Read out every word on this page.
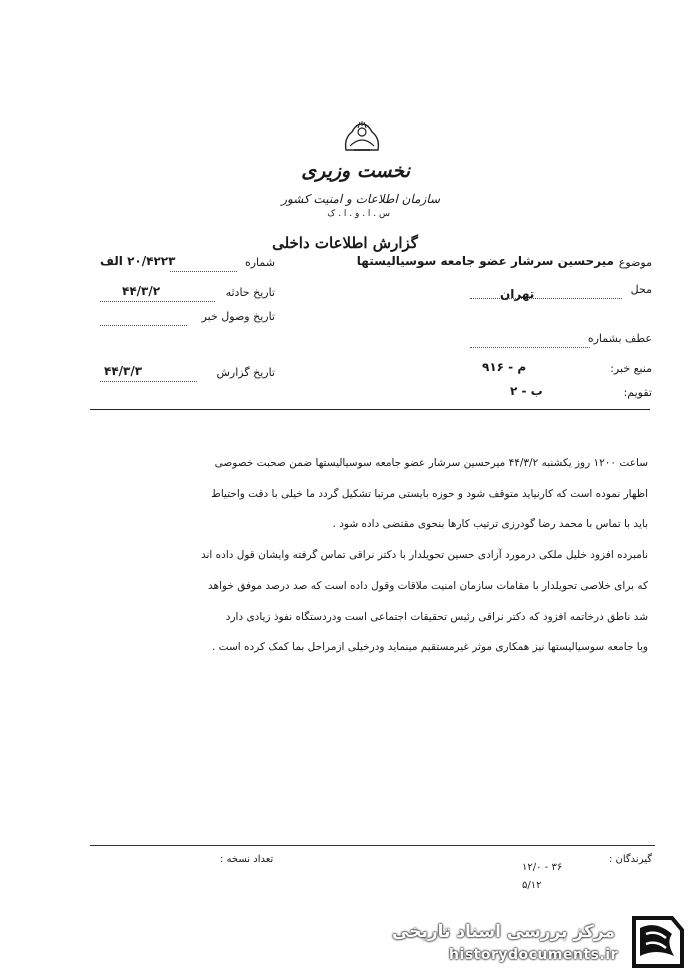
نخست وزیری
سازمان اطلاعات و امنیت کشور
س . ا . و . ا . ک
گزارش اطلاعات داخلی
شماره
۲۰/۴۲۲۳ الف
تاریخ حادثه
۴۴/۳/۲
تاریخ وصول خبر
تاریخ گزارش
۴۴/۳/۳
موضوع
میرحسین سرشار عضو جامعه سوسیالیستها
محل
تهران
عطف بشماره
منبع خبر:
م - ۹۱۶
تقویم:
ب - ۲
ساعت ۱۲۰۰ روز یکشنبه ۴۴/۳/۲ میرحسین سرشار عضو جامعه سوسیالیستها ضمن صحبت خصوصی
اظهار نموده است که کارنیاید متوقف شود و حوزه بایستی مرتبا تشکیل گردد ما خیلی با دقت واحتیاط
باید با تماس با محمد رضا گودرزی ترتیب کارها بنحوی مقتضی داده شود .
نامبرده افزود خلیل ملکی درمورد آزادی حسین تحویلدار با دکتر نراقی تماس گرفته وایشان قول داده اند
که برای خلاصی تحویلدار با مقامات سازمان امنیت ملاقات وقول داده است که صد درصد موفق خواهد
شد ناطق درخاتمه افزود که دکتر نراقی رئیس تحقیقات اجتماعی است ودردستگاه نفوذ زیادی دارد
وبا جامعه سوسیالیستها نیز همکاری موثر غیرمستقیم مینماید ودرخیلی ازمراحل بما کمک کرده است .
گیرندگان :
تعداد نسخه :
۳۶ - ۱۲/۰
۵/۱۲
مرکز بررسی اسناد تاریخی
historydocuments.ir
